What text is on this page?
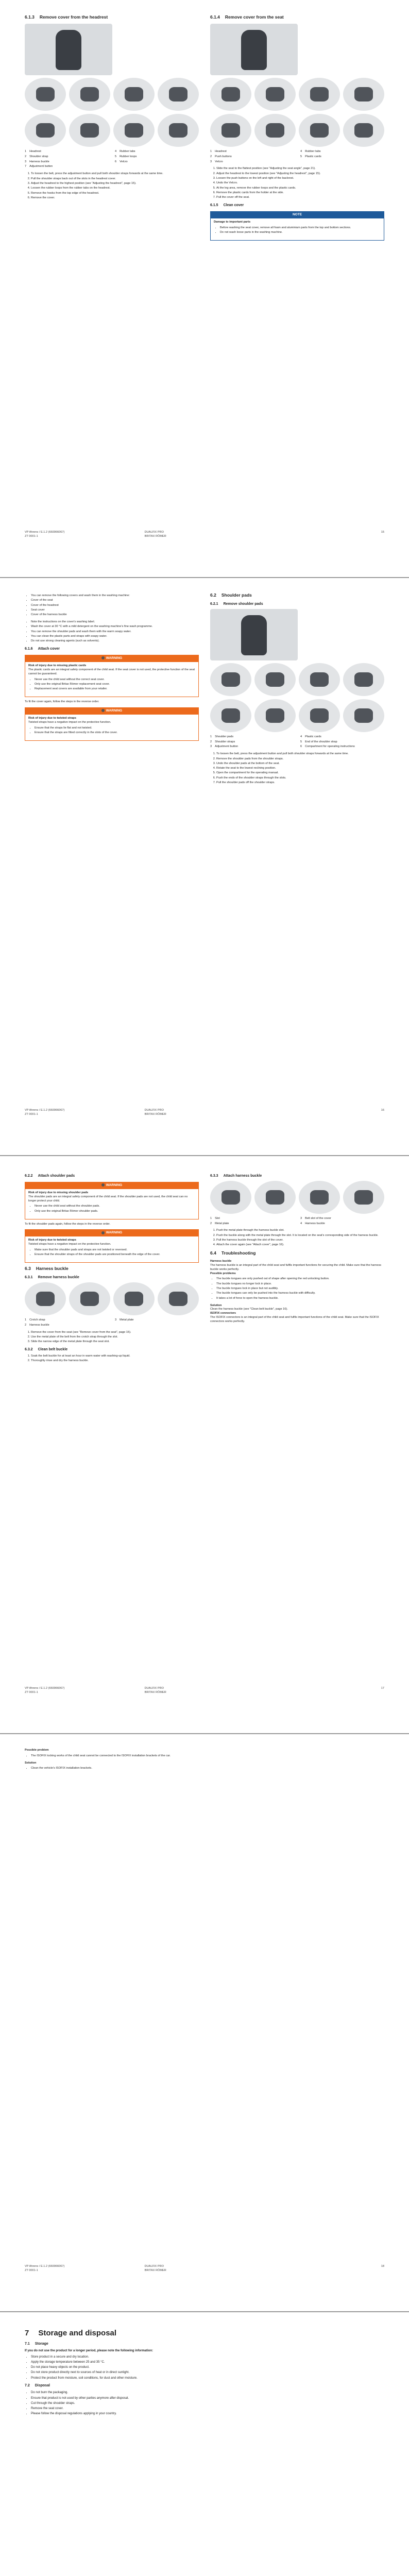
6.1.3 Remove cover from the headrest
1 Headrest	4 Rubber tabs
2 Shoulder strap	5 Rubber loops
3 Harness buckle	6 Velcro
7 Adjustment button
1. To loosen the belt, press the adjustment button and pull both shoulder straps forwards at the same time.
2. Pull the shoulder straps back out of the slots in the headrest cover.
3. Adjust the headrest to the highest position (see "Adjusting the headrest", page 15).
4. Loosen the rubber loops from the rubber tabs on the headrest.
5. Remove the hooks from the top edge of the headrest.
6. Remove the cover.
6.1.4 Remove cover from the seat
1 Headrest	4 Rubber tabs
2 Push buttons	5 Plastic cards
3 Velcro
1. Slide the seat to the flattest position (see "Adjusting the seat angle", page 21).
2. Adjust the headrest to the lowest position (see "Adjusting the headrest", page 15).
3. Loosen the push buttons on the left and right of the backrest.
4. Undo the Velcro.
5. At the leg area, remove the rubber loops and the plastic cards.
6. Remove the plastic cards from the holder at the side.
7. Pull the cover off the seat.
6.1.5 Clean cover
NOTE
Damage to important parts
• Before washing the seat cover, remove all foam and aluminium parts from the top and bottom sections.
• Do not wash loose parts in the washing machine.
VP Ahrens / E.1.2 (660066067)	DUALFIX PRO	15
ZT 0001-1	BRITAX RÖMER
• You can remove the following covers and wash them in the washing machine:
• Cover of the seat
• Cover of the headrest
• Seat cover
• Cover of the harness buckle
• Note the instructions on the cover's washing label.
• Wash the cover at 30 °C with a mild detergent on the washing machine's fine wash programme.
• You can remove the shoulder pads and wash them with the warm soapy water.
• You can clean the plastic parts and straps with soapy water.
• Do not use strong cleaning agents (such as solvents).
6.1.6 Attach cover
WARNING
Risk of injury due to missing plastic cards
The plastic cards are an integral safety component of the child seat. If the seat cover is not used, the protective function of the seat cannot be guaranteed.
• Never use the child seat without the correct seat cover.
• Only use the original Britax Römer replacement seat cover.
• Replacement seat covers are available from your retailer.
To fit the cover again, follow the steps in the reverse order.
WARNING
Risk of injury due to twisted straps
Twisted straps have a negative impact on the protective function.
• Ensure that the straps lie flat and not twisted.
• Ensure that the straps are fitted correctly in the slots of the cover.
6.2 Shoulder pads
6.2.1 Remove shoulder pads
1 Shoulder pads	4 Plastic cards
2 Shoulder straps	5 End of the shoulder strap
3 Adjustment button	6 Compartment for operating instructions
1. To loosen the belt, press the adjustment button and pull both shoulder straps forwards at the same time.
2. Remove the shoulder pads from the shoulder straps.
3. Undo the shoulder pads at the bottom of the seat.
4. Rotate the seat to the lowest reclining position.
5. Open the compartment for the operating manual.
6. Push the ends of the shoulder straps through the slots.
7. Pull the shoulder pads off the shoulder straps.
VP Ahrens / E.1.2 (660066067)	DUALFIX PRO	16
ZT 0001-1	BRITAX RÖMER
6.2.2 Attach shoulder pads
WARNING
Risk of injury due to missing shoulder pads
The shoulder pads are an integral safety component of the child seat. If the shoulder pads are not used, the child seat can no longer protect your child.
• Never use the child seat without the shoulder pads.
• Only use the original Britax Römer shoulder pads.
To fit the shoulder pads again, follow the steps in the reverse order.
WARNING
Risk of injury due to twisted straps
Twisted straps have a negative impact on the protective function.
• Make sure that the shoulder pads and straps are not twisted or reversed.
• Ensure that the shoulder straps of the shoulder pads are positioned beneath the edge of the cover.
6.3 Harness buckle
6.3.1 Remove harness buckle
1 Crotch strap	3 Metal plate
2 Harness buckle
1. Remove the cover from the seat (see "Remove cover from the seat", page 15).
2. Use the metal plate of the belt from the crotch strap through the slot.
3. Slide the narrow edge of the metal plate through the seat slot.
6.3.2 Clean belt buckle
1. Soak the belt buckle for at least an hour in warm water with washing-up liquid.
2. Thoroughly rinse and dry the harness buckle.
6.3.3 Attach harness buckle
1 Slot	3 Belt slot of the cover
2 Metal plate	4 Harness buckle
1. Push the metal plate through the harness buckle slot.
2. Push the buckle along with the metal plate through the slot. It is located on the seat's corresponding side of the harness buckle.
3. Pull the harness buckle through the slot of the cover.
4. Attach the cover again (see "Attach cover", page 16).
6.4 Troubleshooting
Harness buckle
The harness buckle is an integral part of the child seat and fulfils important functions for securing the child. Make sure that the harness buckle works perfectly.
Possible problems
• The buckle tongues are only pushed out of shape after opening the red unlocking button.
• The buckle tongues no longer lock in place.
• The buckle tongues lock in place but not audibly.
• The buckle tongues can only be pushed into the harness buckle with difficulty.
• It takes a lot of force to open the harness buckle.
Solution
Clean the harness buckle (see "Clean belt buckle", page 16).
ISOFIX connectors
The ISOFIX connectors is an integral part of the child seat and fulfils important functions of the child seat. Make sure that the ISOFIX connectors works perfectly.
VP Ahrens / E.1.2 (660066067)	DUALFIX PRO	17
ZT 0001-1	BRITAX RÖMER
Possible problem
• The ISOFIX locking works of the child seat cannot be connected to the ISOFIX installation brackets of the car.
Solution
• Clean the vehicle's ISOFIX installation brackets.
VP Ahrens / E.1.2 (660066067)	DUALFIX PRO	18
ZT 0001-1	BRITAX RÖMER
7 Storage and disposal
7.1 Storage
If you do not use the product for a longer period, please note the following information:
• Store product in a secure and dry location.
• Apply the storage temperature between 25 and 35 °C.
• Do not place heavy objects on the product.
• Do not store product directly next to sources of heat or in direct sunlight.
• Protect the product from moisture, soil conditions, for dust and other moisture.
7.2 Disposal
• Do not burn the packaging.
• Ensure that product is not used by other parties anymore after disposal.
• Cut through the shoulder straps.
• Remove the seat cover.
• Please follow the disposal regulations applying in your country.
